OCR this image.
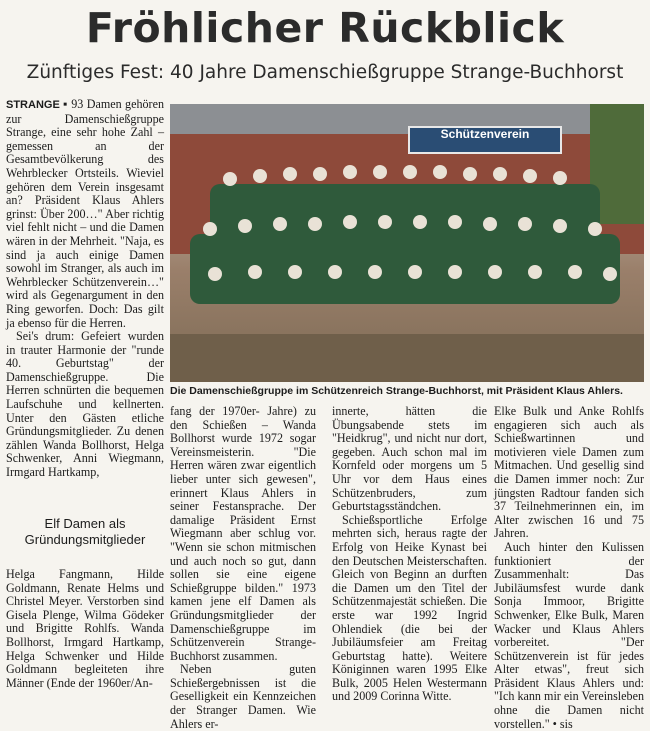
Fröhlicher Rückblick
Zünftiges Fest: 40 Jahre Damenschießgruppe Strange-Buchhorst

STRANGE ▪ 93 Damen gehören zur Damenschießgruppe Strange, eine sehr hohe Zahl – gemessen an der Gesamtbevölkerung des Wehrblecker Ortsteils. Wieviel gehören dem Verein insgesamt an? Präsident Klaus Ahlers grinst: Über 200…" Aber richtig viel fehlt nicht – und die Damen wären in der Mehrheit. "Naja, es sind ja auch einige Damen sowohl im Stranger, als auch im Wehrblecker Schützenverein…" wird als Gegenargument in den Ring geworfen. Doch: Das gilt ja ebenso für die Herren.

Sei's drum: Gefeiert wurden in trauter Harmonie der "runde 40. Geburtstag" der Damenschießgruppe. Die Herren schnürten die bequemen Laufschuhe und kellnerten. Unter den Gästen etliche Gründungsmitglieder. Zu denen zählen Wanda Bollhorst, Helga Schwenker, Anni Wiegmann, Irmgard Hartkamp,

Elf Damen als Gründungsmitglieder

Helga Fangmann, Hilde Goldmann, Renate Helms und Christel Meyer. Verstorben sind Gisela Plenge, Wilma Gödeker und Brigitte Rohlfs. Wanda Bollhorst, Irmgard Hartkamp, Helga Schwenker und Hilde Goldmann begleiteten ihre Männer (Ende der 1960er/An-

Schützenverein
Die Damenschießgruppe im Schützenreich Strange-Buchhorst, mit Präsident Klaus Ahlers.

fang der 1970er- Jahre) zu den Schießen – Wanda Bollhorst wurde 1972 sogar Vereinsmeisterin. "Die Herren wären zwar eigentlich lieber unter sich gewesen", erinnert Klaus Ahlers in seiner Festansprache. Der damalige Präsident Ernst Wiegmann aber schlug vor. "Wenn sie schon mitmischen und auch noch so gut, dann sollen sie eine eigene Schießgruppe bilden." 1973 kamen jene elf Damen als Gründungsmitglieder der Damenschießgruppe im Schützenverein Strange-Buchhorst zusammen.

Neben guten Schießergebnissen ist die Geselligkeit ein Kennzeichen der Stranger Damen. Wie Ahlers er-

innerte, hätten die Übungsabende stets im "Heidkrug", und nicht nur dort, gegeben. Auch schon mal im Kornfeld oder morgens um 5 Uhr vor dem Haus eines Schützenbruders, zum Geburtstagsständchen.

Schießsportliche Erfolge mehrten sich, heraus ragte der Erfolg von Heike Kynast bei den Deutschen Meisterschaften. Gleich von Beginn an durften die Damen um den Titel der Schützenmajestät schießen. Die erste war 1992 Ingrid Ohlendiek (die bei der Jubiläumsfeier am Freitag Geburtstag hatte). Weitere Königinnen waren 1995 Elke Bulk, 2005 Helen Westermann und 2009 Corinna Witte.

Elke Bulk und Anke Rohlfs engagieren sich auch als Schießwartinnen und motivieren viele Damen zum Mitmachen. Und gesellig sind die Damen immer noch: Zur jüngsten Radtour fanden sich 37 Teilnehmerinnen ein, im Alter zwischen 16 und 75 Jahren.

Auch hinter den Kulissen funktioniert der Zusammenhalt: Das Jubiläumsfest wurde dank Sonja Immoor, Brigitte Schwenker, Elke Bulk, Maren Wacker und Klaus Ahlers vorbereitet. "Der Schützenverein ist für jedes Alter etwas", freut sich Präsident Klaus Ahlers und: "Ich kann mir ein Vereinsleben ohne die Damen nicht vorstellen." • sis
